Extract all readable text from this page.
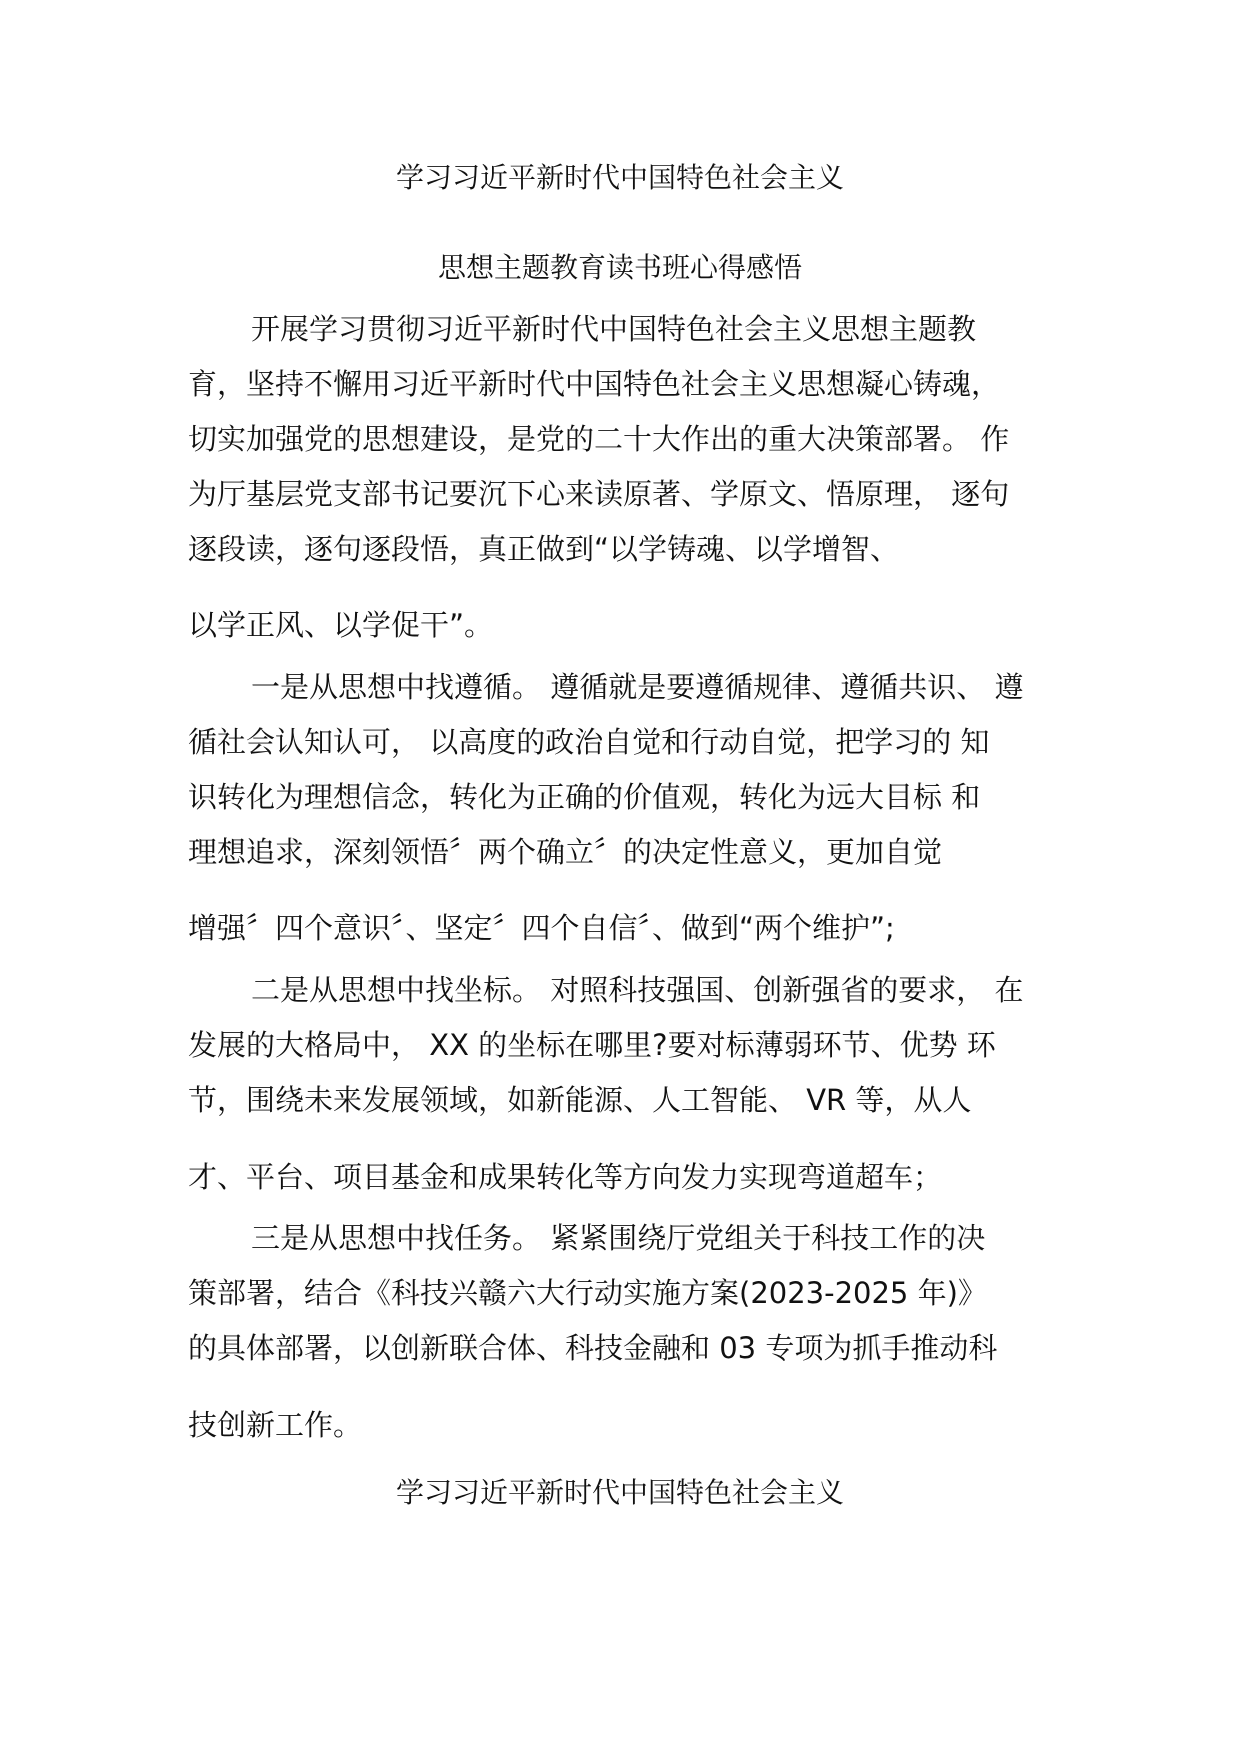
学习习近平新时代中国特色社会主义
思想主题教育读书班心得感悟
开展学习贯彻习近平新时代中国特色社会主义思想主题教
育，坚持不懈用习近平新时代中国特色社会主义思想凝心铸魂，
切实加强党的思想建设，是党的二十大作出的重大决策部署。 作
为厅基层党支部书记要沉下心来读原著、学原文、悟原理， 逐句
逐段读，逐句逐段悟，真正做到“以学铸魂、以学增智、
以学正风、以学促干”。
一是从思想中找遵循。 遵循就是要遵循规律、遵循共识、 遵
循社会认知认可， 以高度的政治自觉和行动自觉，把学习的 知
识转化为理想信念，转化为正确的价值观，转化为远大目标 和
理想追求，深刻领悟〞两个确立〞的决定性意义，更加自觉
增强〞四个意识〞、坚定〞四个自信〞、做到“两个维护”;
二是从思想中找坐标。 对照科技强国、创新强省的要求， 在
发展的大格局中， XX 的坐标在哪里?要对标薄弱环节、优势 环
节，围绕未来发展领域，如新能源、人工智能、 VR 等，从人
才、平台、项目基金和成果转化等方向发力实现弯道超车；
三是从思想中找任务。 紧紧围绕厅党组关于科技工作的决
策部署，结合《科技兴赣六大行动实施方案(2023-2025 年)》
的具体部署，以创新联合体、科技金融和 03 专项为抓手推动科
技创新工作。
学习习近平新时代中国特色社会主义
